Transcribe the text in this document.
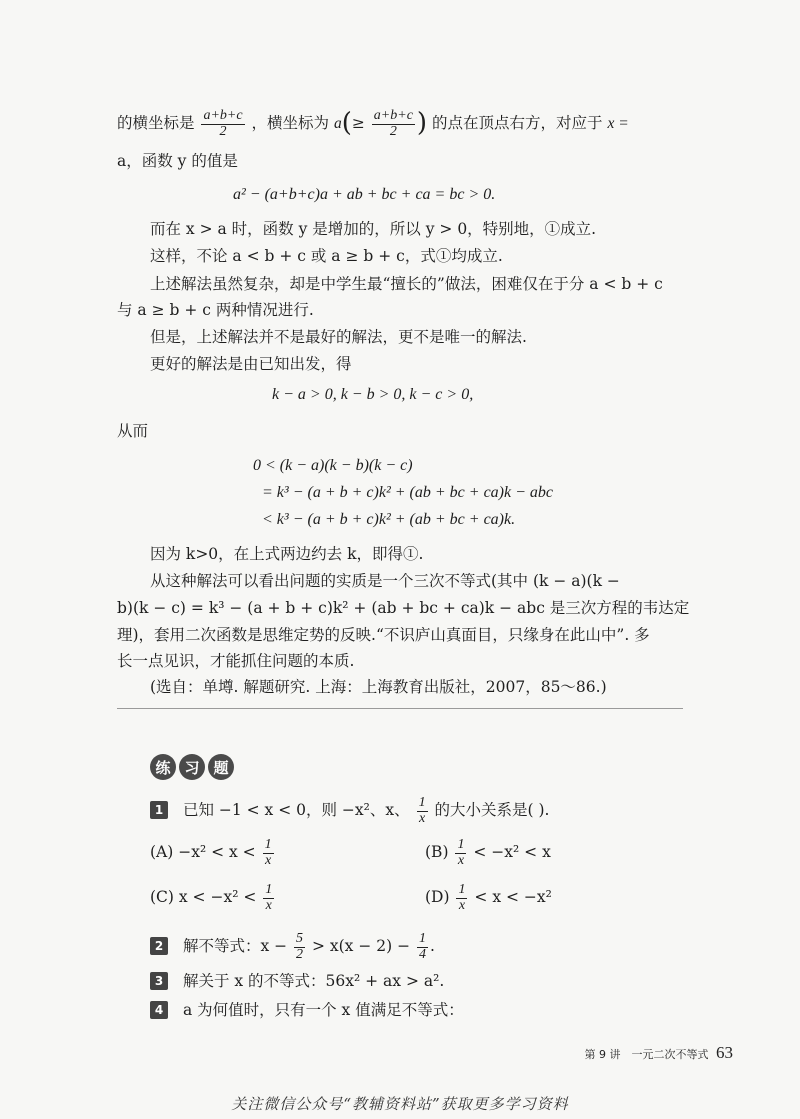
的横坐标是 $\frac{a+b+c}{2}$ ，横坐标为 $a(\ge \frac{a+b+c}{2}$ ) 的点在顶点右方，对应于 x =
a，函数 y 的值是
a² − (a+b+c)a + ab + bc + ca = bc > 0.
而在 x > a 时，函数 y 是增加的，所以 y > 0，特别地，①成立.
这样，不论 a < b + c 或 a ≥ b + c，式①均成立.
上述解法虽然复杂，却是中学生最“擅长的”做法，困难仅在于分 a < b + c
与 a ≥ b + c 两种情况进行.
但是，上述解法并不是最好的解法，更不是唯一的解法.
更好的解法是由已知出发，得
k − a > 0, k − b > 0, k − c > 0,
从而
0 < (k − a)(k − b)(k − c)
= k³ − (a + b + c)k² + (ab + bc + ca)k − abc
< k³ − (a + b + c)k² + (ab + bc + ca)k.
因为 k>0，在上式两边约去 k，即得①.
从这种解法可以看出问题的实质是一个三次不等式(其中 (k − a)(k −
b)(k − c) = k³ − (a + b + c)k² + (ab + bc + ca)k − abc 是三次方程的韦达定
理)，套用二次函数是思维定势的反映.“不识庐山真面目，只缘身在此山中”. 多
长一点见识，才能抓住问题的本质.
(选自：单墫. 解题研究. 上海：上海教育出版社，2007，85～86.)
练 习 题
1 已知 −1 < x < 0，则 −x²、x、 $\frac{1}{x}$ 的大小关系是( ).
$(A) -x^2 < x < \frac{1}{x}$	$(B) \frac{1}{x} < -x^2 < x$
(C) $x < -x^2 < \frac{1}{x}$	$(D) \frac{1}{x} < x < -x^2$
2 解不等式：$x - \frac{5}{2} > x(x - 2) - \frac{1}{4}$ .
3 解关于 x 的不等式：56x² + ax > a².
4 a 为何值时，只有一个 x 值满足不等式：
第 9 讲　一元二次不等式 63
关注微信公众号“教辅资料站”获取更多学习资料
